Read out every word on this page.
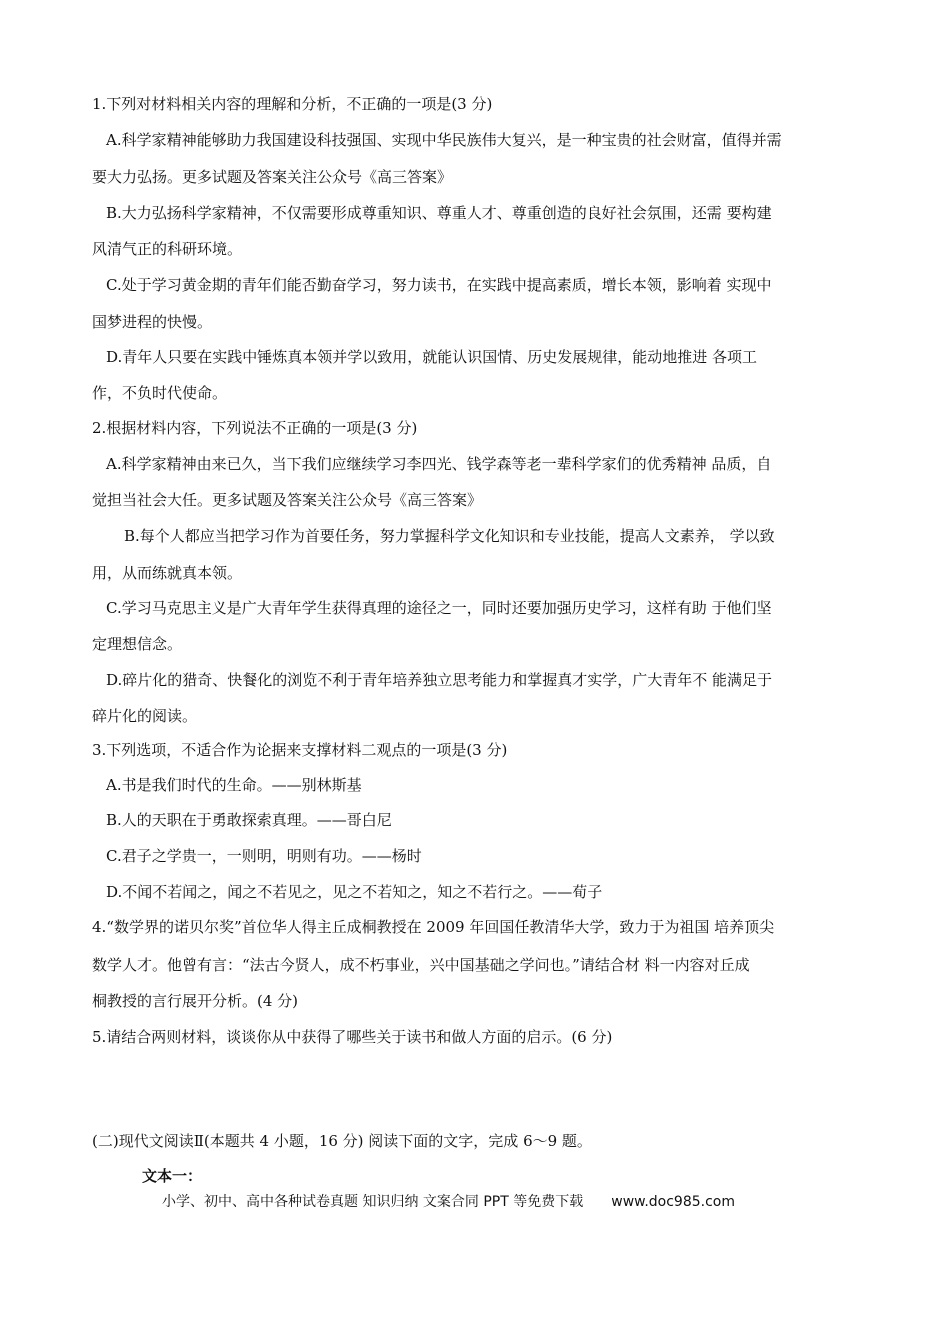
1.下列对材料相关内容的理解和分析，不正确的一项是(3 分)
A.科学家精神能够助力我国建设科技强国、实现中华民族伟大复兴，是一种宝贵的社会财富，值得并需
要大力弘扬。更多试题及答案关注公众号《高三答案》
B.大力弘扬科学家精神，不仅需要形成尊重知识、尊重人才、尊重创造的良好社会氛围，还需 要构建
风清气正的科研环境。
C.处于学习黄金期的青年们能否勤奋学习，努力读书，在实践中提高素质，增长本领，影响着 实现中
国梦进程的快慢。
D.青年人只要在实践中锤炼真本领并学以致用，就能认识国情、历史发展规律，能动地推进 各项工
作，不负时代使命。
2.根据材料内容，下列说法不正确的一项是(3 分)
A.科学家精神由来已久，当下我们应继续学习李四光、钱学森等老一辈科学家们的优秀精神 品质，自
觉担当社会大任。更多试题及答案关注公众号《高三答案》
B.每个人都应当把学习作为首要任务，努力掌握科学文化知识和专业技能，提高人文素养， 学以致
用，从而练就真本领。
C.学习马克思主义是广大青年学生获得真理的途径之一，同时还要加强历史学习，这样有助 于他们坚
定理想信念。
D.碎片化的猎奇、快餐化的浏览不利于青年培养独立思考能力和掌握真才实学，广大青年不 能满足于
碎片化的阅读。
3.下列选项，不适合作为论据来支撑材料二观点的一项是(3 分)
A.书是我们时代的生命。——别林斯基
B.人的天职在于勇敢探索真理。——哥白尼
C.君子之学贵一，一则明，明则有功。——杨时
D.不闻不若闻之，闻之不若见之，见之不若知之，知之不若行之。——荀子
4.“数学界的诺贝尔奖”首位华人得主丘成桐教授在 2009 年回国任教清华大学，致力于为祖国 培养顶尖
数学人才。他曾有言：“法古今贤人，成不朽事业，兴中国基础之学问也。”请结合材 料一内容对丘成
桐教授的言行展开分析。(4 分)
5.请结合两则材料，谈谈你从中获得了哪些关于读书和做人方面的启示。(6 分)
(二)现代文阅读Ⅱ(本题共 4 小题，16 分) 阅读下面的文字，完成 6～9 题。
文本一：
小学、初中、高中各种试卷真题 知识归纳 文案合同 PPT 等免费下载 www.doc985.com
